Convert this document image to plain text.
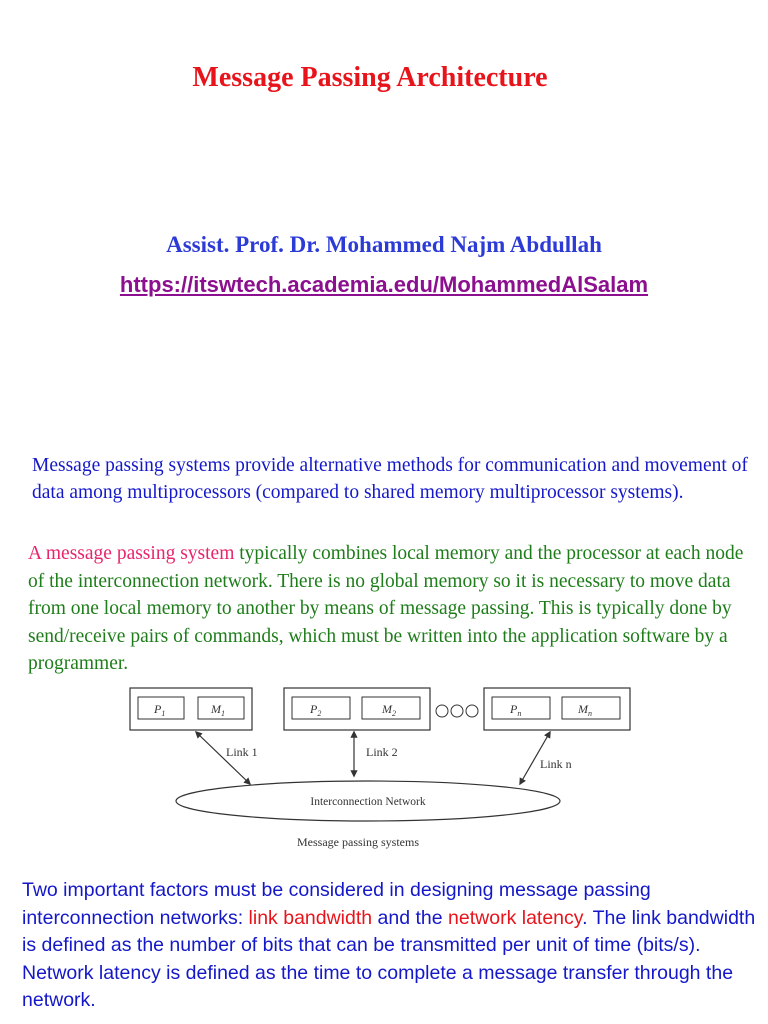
Message Passing Architecture
Assist. Prof. Dr. Mohammed Najm Abdullah
https://itswtech.academia.edu/MohammedAlSalam
Message passing systems provide alternative methods for communication and movement of data among multiprocessors (compared to shared memory multiprocessor systems).
A message passing system typically combines local memory and the processor at each node of the interconnection network. There is no global memory so it is necessary to move data from one local memory to another by means of message passing. This is typically done by send/receive pairs of commands, which must be written into the application software by a programmer.
$P_1$	$M_1$	$P_2$	$M_2$	$P_n$	$M_n$
Link 1	Link 2
Link n
Interconnection Network
Message passing systems
Two important factors must be considered in designing message passing interconnection networks: link bandwidth and the network latency. The link bandwidth is defined as the number of bits that can be transmitted per unit of time (bits/s). Network latency is defined as the time to complete a message transfer through the network.
